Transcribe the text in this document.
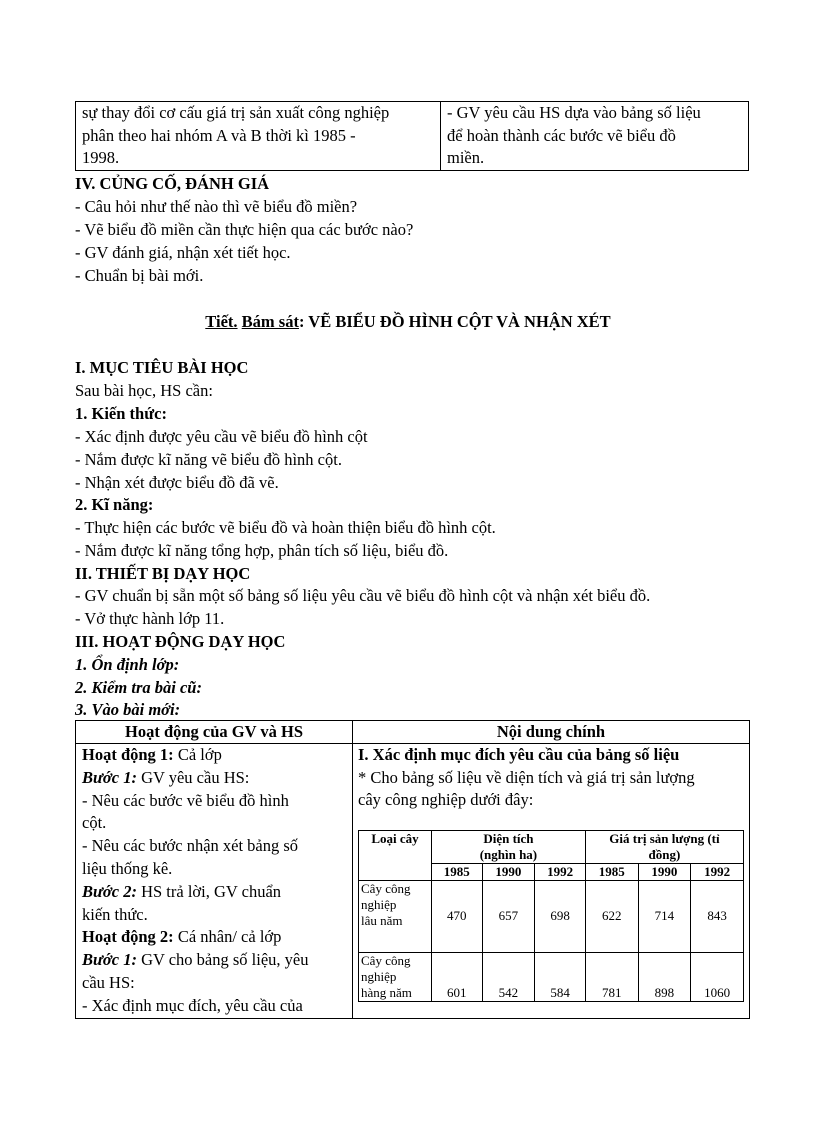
sự thay đổi cơ cấu giá trị sản xuất công nghiệp
phân theo hai nhóm A và B thời kì 1985 -
1998.

- GV yêu cầu HS dựa vào bảng số liệu
để hoàn thành các bước vẽ biểu đồ
miền.
IV. CỦNG CỐ, ĐÁNH GIÁ
- Câu hỏi như thế nào thì vẽ biểu đồ miền?
- Vẽ biểu đồ miền cần thực hiện qua các bước nào?
- GV đánh giá, nhận xét tiết học.
- Chuẩn bị bài mới.
Tiết. Bám sát: VẼ BIỂU ĐỒ HÌNH CỘT VÀ NHẬN XÉT
I. MỤC TIÊU BÀI HỌC
Sau bài học, HS cần:
1. Kiến thức:
- Xác định được yêu cầu vẽ biểu đồ hình cột
- Nắm được kĩ năng vẽ biểu đồ hình cột.
- Nhận xét được biểu đồ đã vẽ.
2. Kĩ năng:
- Thực hiện các bước vẽ biểu đồ và hoàn thiện biểu đồ hình cột.
- Nắm được kĩ năng tổng hợp, phân tích số liệu, biểu đồ.
II. THIẾT BỊ DẠY HỌC
- GV chuẩn bị sẵn một số bảng số liệu yêu cầu vẽ biểu đồ hình cột và nhận xét biểu đồ.
- Vở thực hành lớp 11.
III. HOẠT ĐỘNG DẠY HỌC
1. Ổn định lớp:
2. Kiểm tra bài cũ:
3. Vào bài mới:
Hoạt động của GV và HS	Nội dung chính

Hoạt động 1: Cả lớp
Bước 1: GV yêu cầu HS:
- Nêu các bước vẽ biểu đồ hình
cột.
- Nêu các bước nhận xét bảng số
liệu thống kê.
Bước 2: HS trả lời, GV chuẩn
kiến thức.
Hoạt động 2: Cá nhân/ cả lớp
Bước 1: GV cho bảng số liệu, yêu
cầu HS:
- Xác định mục đích, yêu cầu của

I. Xác định mục đích yêu cầu của bảng số liệu
* Cho bảng số liệu về diện tích và giá trị sản lượng
cây công nghiệp dưới đây:
Loại cây	Diện tích
(nghìn ha)

Giá trị sản lượng (tỉ
đồng)

1985	1990	1992	1985	1990	1992

Cây công
nghiệp
lâu năm	470	657	698	622	714	843

Cây công
nghiệp
hàng năm	601	542	584	781	898	1060
